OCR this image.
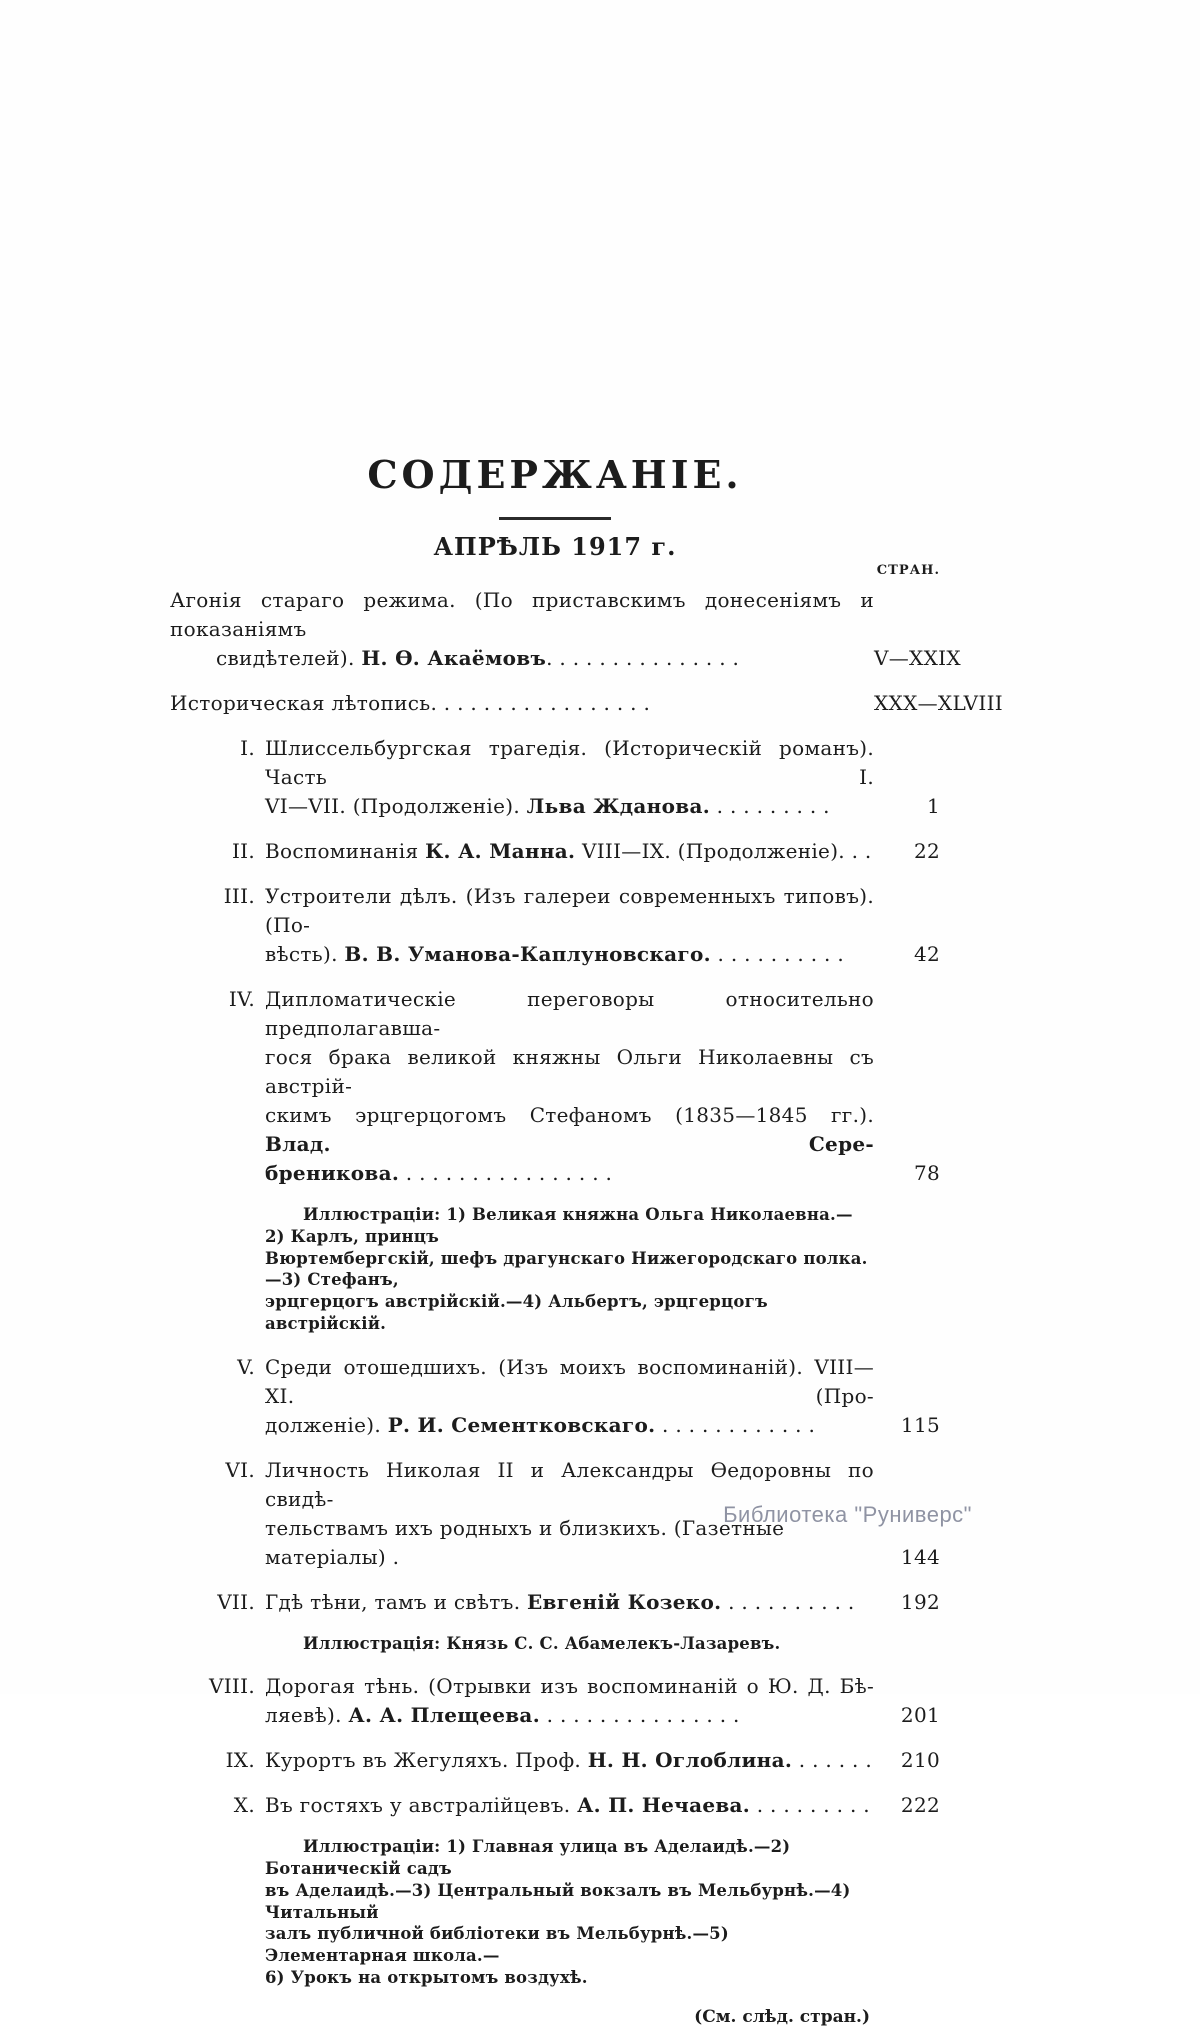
СОДЕРЖАНІЕ.
АПРѢЛЬ 1917 г.
СТРАН.
Агонія стараго режима. (По приставскимъ донесеніямъ и показаніямъ
свидѣтелей). Н. Ѳ. Акаёмовъ. . . . . . . . . . . . . . .	V—XXIX
Историческая лѣтопись. . . . . . . . . . . . . . . . .	XXX—XLVIII
I. Шлиссельбургская трагедія. (Историческій романъ). Часть I.
VI—VII. (Продолженіе). Льва Жданова. . . . . . . . . .	1
II. Воспоминанія К. А. Манна. VIII—IX. (Продолженіе). . .	22
III. Устроители дѣлъ. (Изъ галереи современныхъ типовъ). (По-
вѣсть). В. В. Уманова-Каплуновскаго. . . . . . . . . . .	42
IV. Дипломатическіе переговоры относительно предполагавша-
гося брака великой княжны Ольги Николаевны съ австрій-
скимъ эрцгерцогомъ Стефаномъ (1835—1845 гг.). Влад. Сере-
бреникова. . . . . . . . . . . . . . . . .	78
Иллюстраціи: 1) Великая княжна Ольга Николаевна.—2) Карлъ, принцъ
Вюртембергскій, шефъ драгунскаго Нижегородскаго полка.—3) Стефанъ,
эрцгерцогъ австрійскій.—4) Альбертъ, эрцгерцогъ австрійскій.
V. Среди отошедшихъ. (Изъ моихъ воспоминаній). VIII—XI. (Про-
долженіе). Р. И. Сементковскаго. . . . . . . . . . . . .	115
VI. Личность Николая II и Александры Ѳедоровны по свидѣ-
тельствамъ ихъ родныхъ и близкихъ. (Газетные матеріалы) .	144
VII. Гдѣ тѣни, тамъ и свѣтъ. Евгеній Козеко. . . . . . . . . . .	192
Иллюстрація: Князь С. С. Абамелекъ-Лазаревъ.
VIII. Дорогая тѣнь. (Отрывки изъ воспоминаній о Ю. Д. Бѣ-
ляевѣ). А. А. Плещеева. . . . . . . . . . . . . . . .	201
IX. Курортъ въ Жегуляхъ. Проф. Н. Н. Оглоблина. . . . . . .	210
X. Въ гостяхъ у австралійцевъ. А. П. Нечаева. . . . . . . . . .	222
Иллюстраціи: 1) Главная улица въ Аделаидѣ.—2) Ботаническій садъ
въ Аделаидѣ.—3) Центральный вокзалъ въ Мельбурнѣ.—4) Читальный
залъ публичной библіотеки въ Мельбурнѣ.—5) Элементарная школа.—
6) Урокъ на открытомъ воздухѣ.
(См. слѣд. стран.)
Библиотека "Руниверс"
